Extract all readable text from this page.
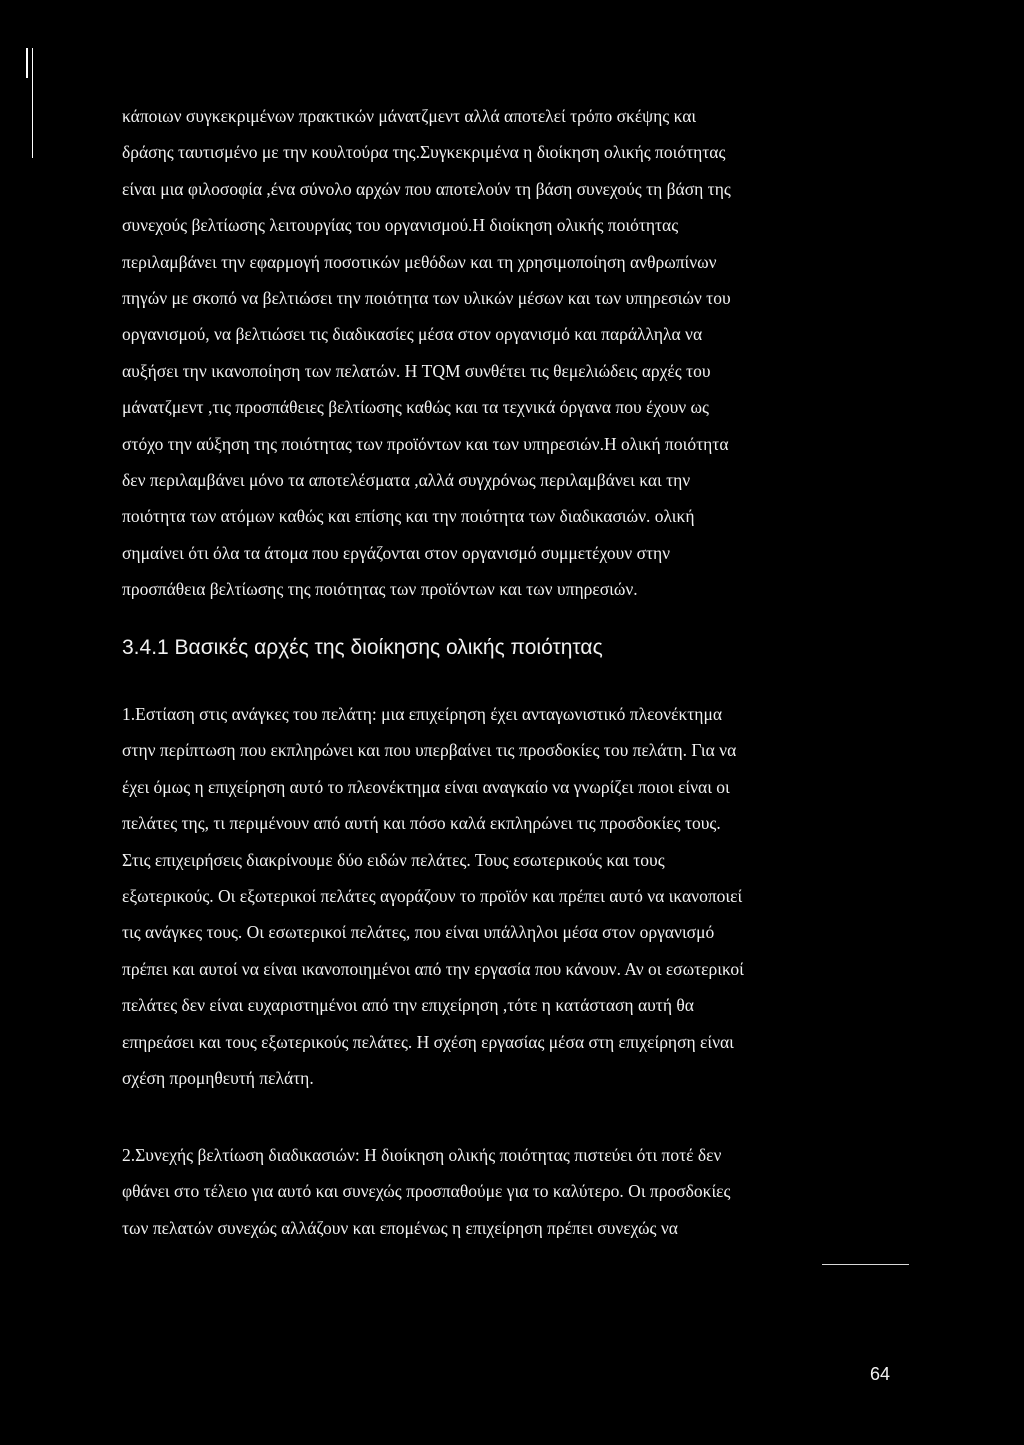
κάποιων συγκεκριμένων πρακτικών μάνατζμεντ αλλά αποτελεί τρόπο σκέψης και
δράσης ταυτισμένο με την κουλτούρα της.Συγκεκριμένα η διοίκηση ολικής ποιότητας
είναι μια φιλοσοφία ,ένα σύνολο αρχών που αποτελούν τη βάση συνεχούς τη βάση της
συνεχούς βελτίωσης λειτουργίας του οργανισμού.Η διοίκηση ολικής ποιότητας
περιλαμβάνει την εφαρμογή ποσοτικών μεθόδων και τη χρησιμοποίηση ανθρωπίνων
πηγών με σκοπό να βελτιώσει την ποιότητα των υλικών μέσων και των υπηρεσιών του
οργανισμού, να βελτιώσει τις διαδικασίες μέσα στον οργανισμό και παράλληλα να
αυξήσει την ικανοποίηση των πελατών. Η TQM συνθέτει τις θεμελιώδεις αρχές του
μάνατζμεντ ,τις προσπάθειες βελτίωσης καθώς και τα τεχνικά όργανα που έχουν ως
στόχο την αύξηση της ποιότητας των προϊόντων και των υπηρεσιών.Η ολική ποιότητα
δεν περιλαμβάνει μόνο τα αποτελέσματα ,αλλά συγχρόνως περιλαμβάνει και την
ποιότητα των ατόμων καθώς και επίσης και την ποιότητα των διαδικασιών. ολική
σημαίνει ότι όλα τα άτομα που εργάζονται στον οργανισμό συμμετέχουν στην
προσπάθεια βελτίωσης της ποιότητας των προϊόντων και των υπηρεσιών.

3.4.1 Βασικές αρχές της διοίκησης ολικής ποιότητας

1.Εστίαση στις ανάγκες του πελάτη: μια επιχείρηση έχει ανταγωνιστικό πλεονέκτημα
στην περίπτωση που εκπληρώνει και που υπερβαίνει τις προσδοκίες του πελάτη. Για να
έχει όμως η επιχείρηση αυτό το πλεονέκτημα είναι αναγκαίο να γνωρίζει ποιοι είναι οι
πελάτες της, τι περιμένουν από αυτή και πόσο καλά εκπληρώνει τις προσδοκίες τους.
Στις επιχειρήσεις διακρίνουμε δύο ειδών πελάτες. Τους εσωτερικούς και τους
εξωτερικούς. Οι εξωτερικοί πελάτες αγοράζουν το προϊόν και πρέπει αυτό να ικανοποιεί
τις ανάγκες τους. Οι εσωτερικοί πελάτες, που είναι υπάλληλοι μέσα στον οργανισμό
πρέπει και αυτοί να είναι ικανοποιημένοι από την εργασία που κάνουν. Αν οι εσωτερικοί
πελάτες δεν είναι ευχαριστημένοι από την επιχείρηση ,τότε η κατάσταση αυτή θα
επηρεάσει και τους εξωτερικούς πελάτες. Η σχέση εργασίας μέσα στη επιχείρηση είναι
σχέση προμηθευτή πελάτη.

2.Συνεχής βελτίωση διαδικασιών: Η διοίκηση ολικής ποιότητας πιστεύει ότι ποτέ δεν
φθάνει στο τέλειο για αυτό και συνεχώς προσπαθούμε για το καλύτερο. Οι προσδοκίες
των πελατών συνεχώς αλλάζουν και επομένως η επιχείρηση πρέπει συνεχώς να

64
